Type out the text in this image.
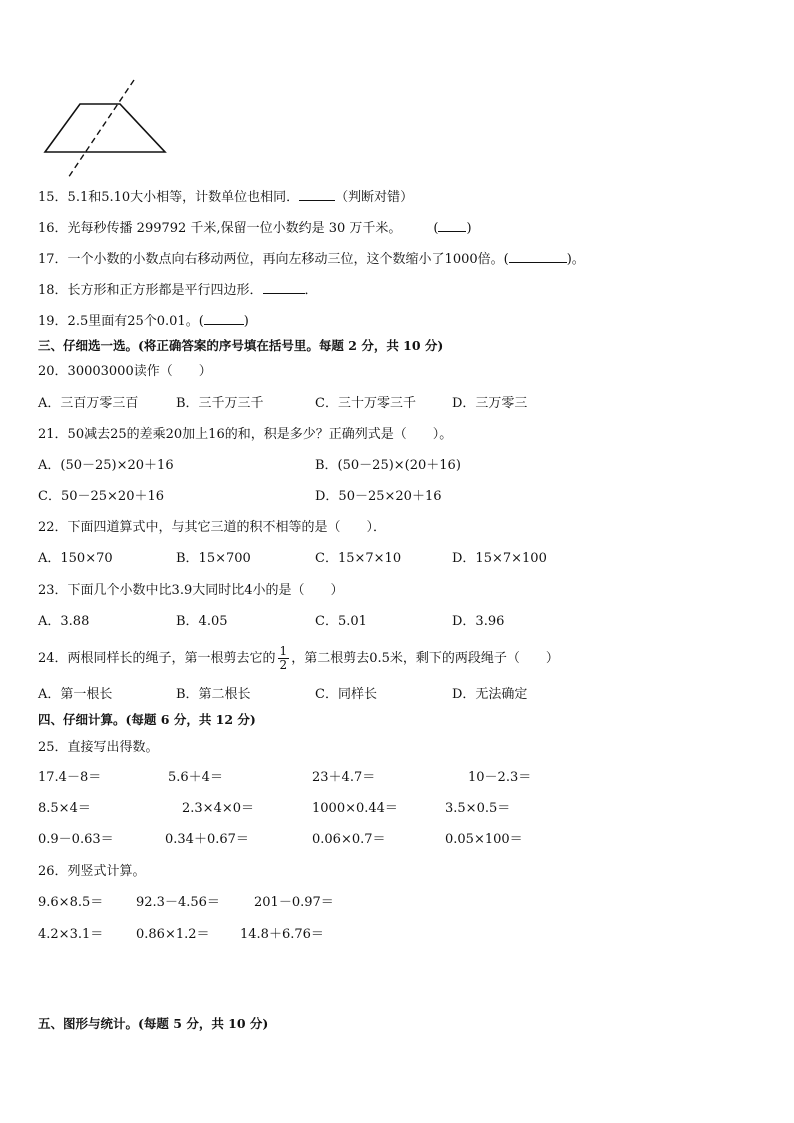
15．5.1和5.10大小相等，计数单位也相同．	（判断对错）
16．光每秒传播 299792 千米,保留一位小数约是 30 万千米。 ( )
17．一个小数的小数点向右移动两位，再向左移动三位，这个数缩小了1000倍。(	)。
18．长方形和正方形都是平行四边形．	．
19．2.5里面有25个0.01。(	)
三、仔细选一选。(将正确答案的序号填在括号里。每题 2 分，共 10 分)
20．30003000读作（　　）
A．三百万零三百	B．三千万三千	C．三十万零三千	D．三万零三
21．50减去25的差乘20加上16的和，积是多少？正确列式是（　　）。
A．(50－25)×20＋16	B．(50－25)×(20＋16)
C．50－25×20＋16	D．50－25×20＋16
22．下面四道算式中，与其它三道的积不相等的是（　　）．
A．150×70	B．15×700	C．15×7×10	D．15×7×100
23．下面几个小数中比3.9大同时比4小的是（　　）
A．3.88	B．4.05	C．5.01	D．3.96
24．两根同样长的绳子，第一根剪去它的 $\frac{1}{2}$ ，第二根剪去0.5米，剩下的两段绳子（　　）
A．第一根长	B．第二根长	C．同样长	D．无法确定
四、仔细计算。(每题 6 分，共 12 分)
25．直接写出得数。
17.4－8＝	5.6＋4＝	23＋4.7＝	10－2.3＝
8.5×4＝	2.3×4×0＝	1000×0.44＝	3.5×0.5＝
0.9－0.63＝	0.34＋0.67＝	0.06×0.7＝	0.05×100＝
26．列竖式计算。
9.6×8.5＝	92.3－4.56＝	201－0.97＝
4.2×3.1＝	0.86×1.2＝ 14.8＋6.76＝
五、图形与统计。(每题 5 分，共 10 分)
